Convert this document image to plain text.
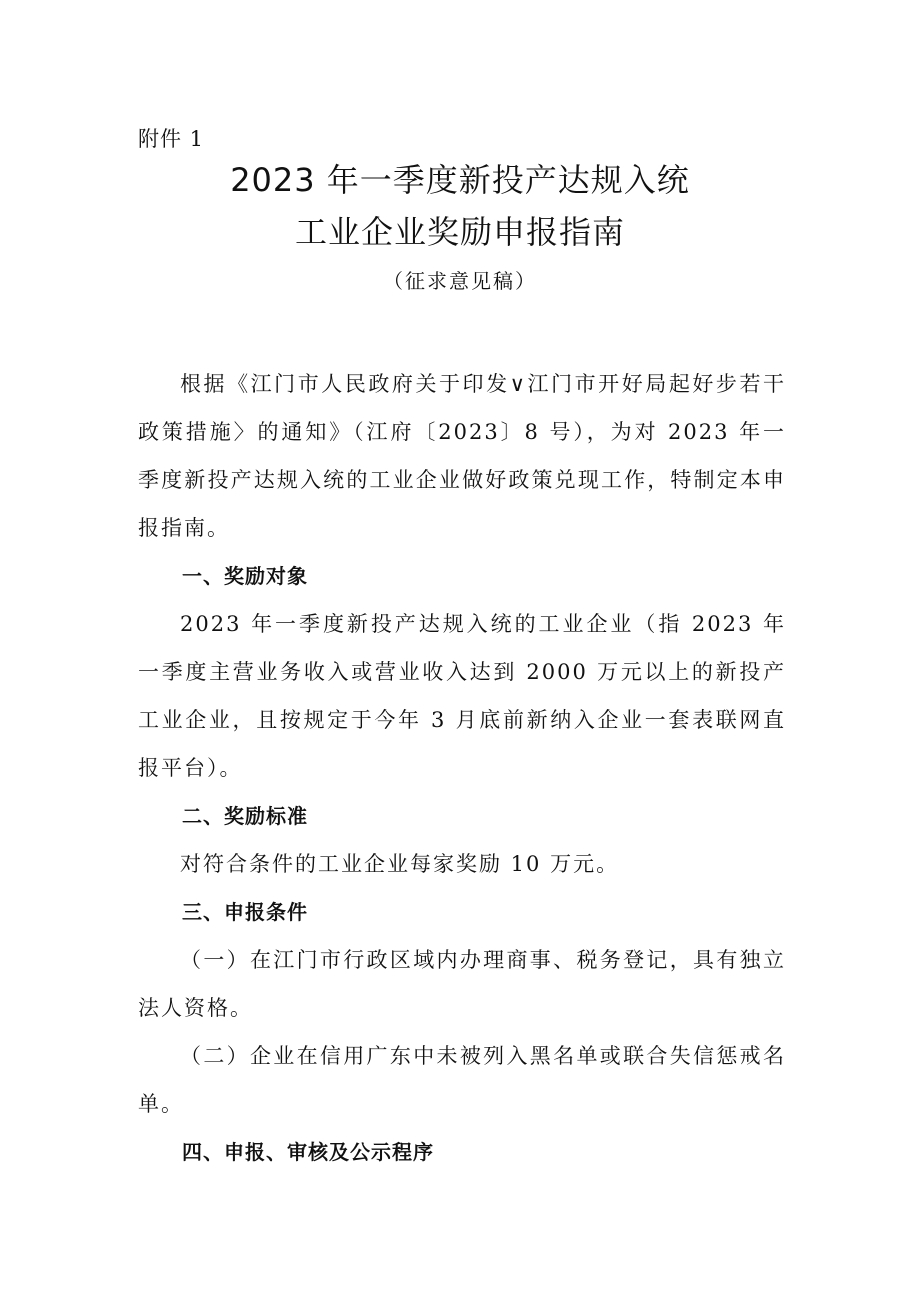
附件 1
2023 年一季度新投产达规入统
工业企业奖励申报指南
（征求意见稿）

根据《江门市人民政府关于印发∨江门市开好局起好步若干政策措施〉的通知》（江府〔2023〕8 号），为对 2023 年一季度新投产达规入统的工业企业做好政策兑现工作，特制定本申报指南。

一、奖励对象

2023 年一季度新投产达规入统的工业企业（指 2023 年一季度主营业务收入或营业收入达到 2000 万元以上的新投产工业企业，且按规定于今年 3 月底前新纳入企业一套表联网直报平台）。

二、奖励标准

对符合条件的工业企业每家奖励 10 万元。

三、申报条件

（一）在江门市行政区域内办理商事、税务登记，具有独立法人资格。

（二）企业在信用广东中未被列入黑名单或联合失信惩戒名单。

四、申报、审核及公示程序
